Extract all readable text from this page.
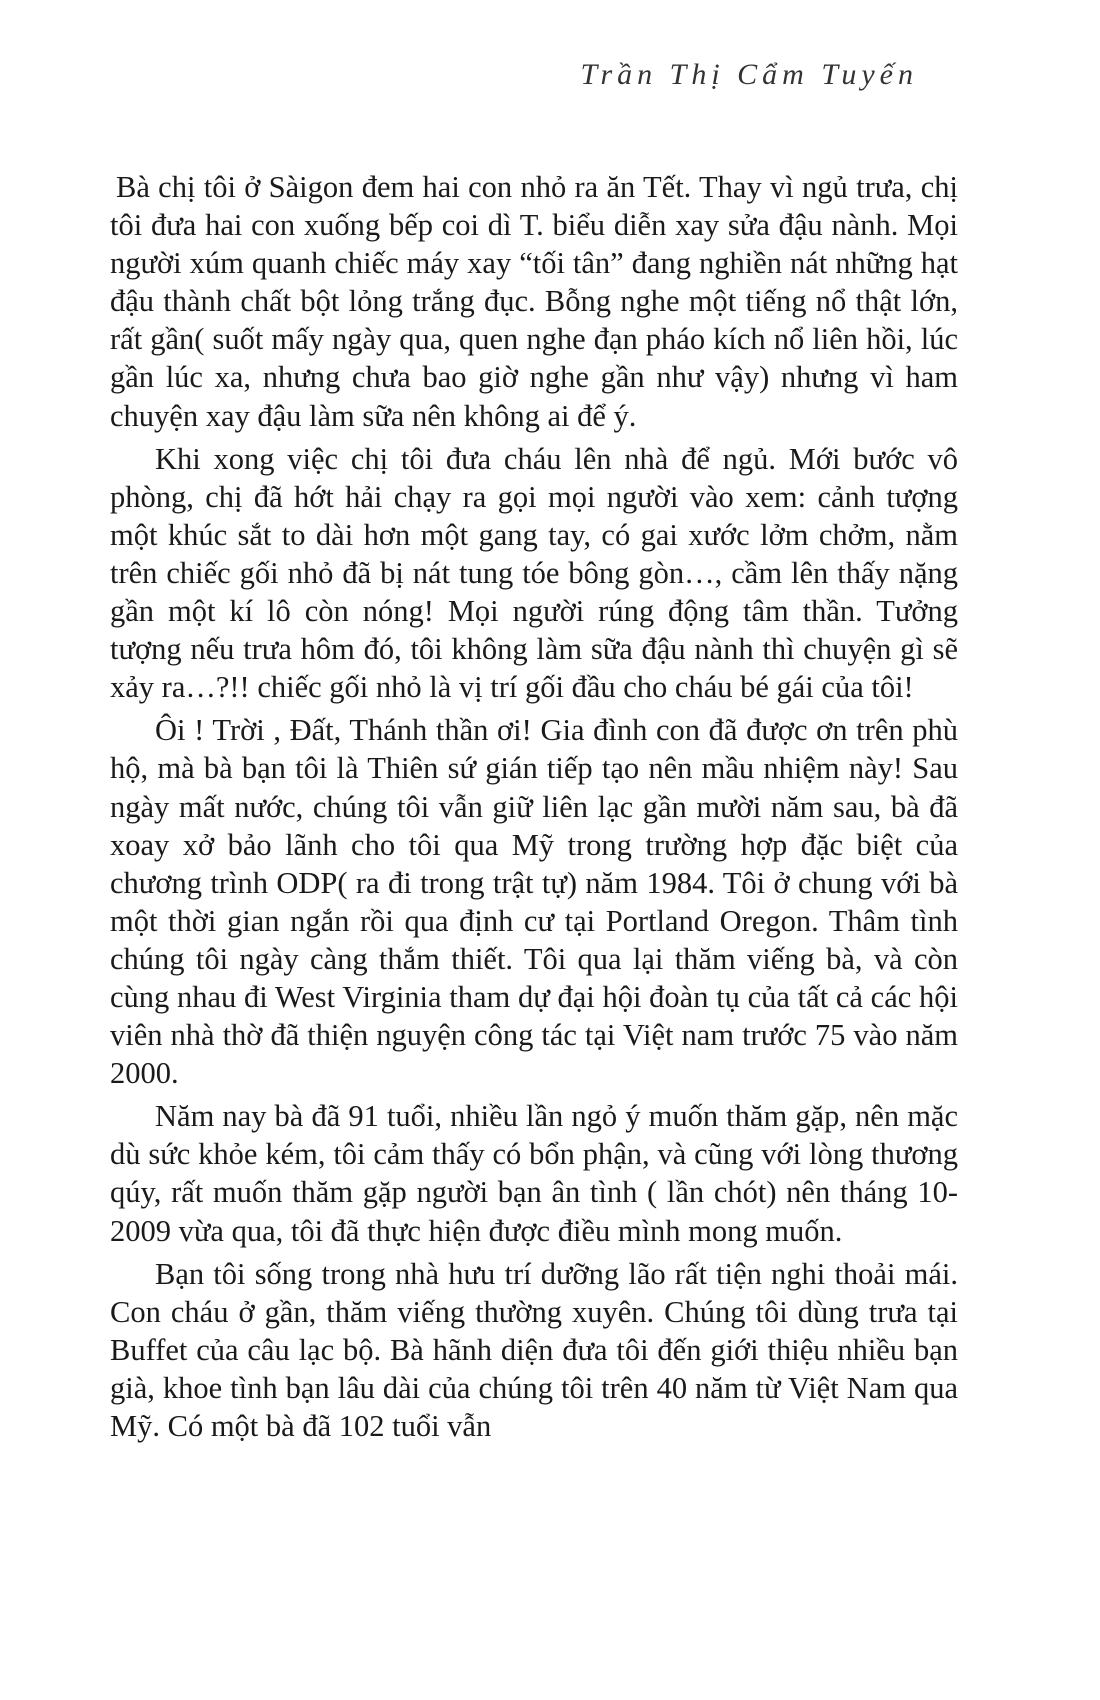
Trần Thị Cẩm Tuyến

Bà chị tôi ở Sàigon đem hai con nhỏ ra ăn Tết. Thay vì ngủ trưa, chị tôi đưa hai con xuống bếp coi dì T. biểu diễn xay sửa đậu nành. Mọi người xúm quanh chiếc máy xay “tối tân” đang nghiền nát những hạt đậu thành chất bột lỏng trắng đục. Bỗng nghe một tiếng nổ thật lớn, rất gần( suốt mấy ngày qua, quen nghe đạn pháo kích nổ liên hồi, lúc gần lúc xa, nhưng chưa bao giờ nghe gần như vậy) nhưng vì ham chuyện xay đậu làm sữa nên không ai để ý.

Khi xong việc chị tôi đưa cháu lên nhà để ngủ. Mới bước vô phòng, chị đã hớt hải chạy ra gọi mọi người vào xem: cảnh tượng một khúc sắt to dài hơn một gang tay, có gai xước lởm chởm, nằm trên chiếc gối nhỏ đã bị nát tung tóe bông gòn…, cầm lên thấy nặng gần một kí lô còn nóng! Mọi người rúng động tâm thần. Tưởng tượng nếu trưa hôm đó, tôi không làm sữa đậu nành thì chuyện gì sẽ xảy ra…?!! chiếc gối nhỏ là vị trí gối đầu cho cháu bé gái của tôi!

Ôi ! Trời , Đất, Thánh thần ơi! Gia đình con đã được ơn trên phù hộ, mà bà bạn tôi là Thiên sứ gián tiếp tạo nên mầu nhiệm này! Sau ngày mất nước, chúng tôi vẫn giữ liên lạc gần mười năm sau, bà đã xoay xở bảo lãnh cho tôi qua Mỹ trong trường hợp đặc biệt của chương trình ODP( ra đi trong trật tự) năm 1984. Tôi ở chung với bà một thời gian ngắn rồi qua định cư tại Portland Oregon. Thâm tình chúng tôi ngày càng thắm thiết. Tôi qua lại thăm viếng bà, và còn cùng nhau đi West Virginia tham dự đại hội đoàn tụ của tất cả các hội viên nhà thờ đã thiện nguyện công tác tại Việt nam trước 75 vào năm 2000.

Năm nay bà đã 91 tuổi, nhiều lần ngỏ ý muốn thăm gặp, nên mặc dù sức khỏe kém, tôi cảm thấy có bổn phận, và cũng với lòng thương qúy, rất muốn thăm gặp người bạn ân tình ( lần chót) nên tháng 10- 2009 vừa qua, tôi đã thực hiện được điều mình mong muốn.

Bạn tôi sống trong nhà hưu trí dưỡng lão rất tiện nghi thoải mái. Con cháu ở gần, thăm viếng thường xuyên. Chúng tôi dùng trưa tại Buffet của câu lạc bộ. Bà hãnh diện đưa tôi đến giới thiệu nhiều bạn già, khoe tình bạn lâu dài của chúng tôi trên 40 năm từ Việt Nam qua Mỹ. Có một bà đã 102 tuổi vẫn
